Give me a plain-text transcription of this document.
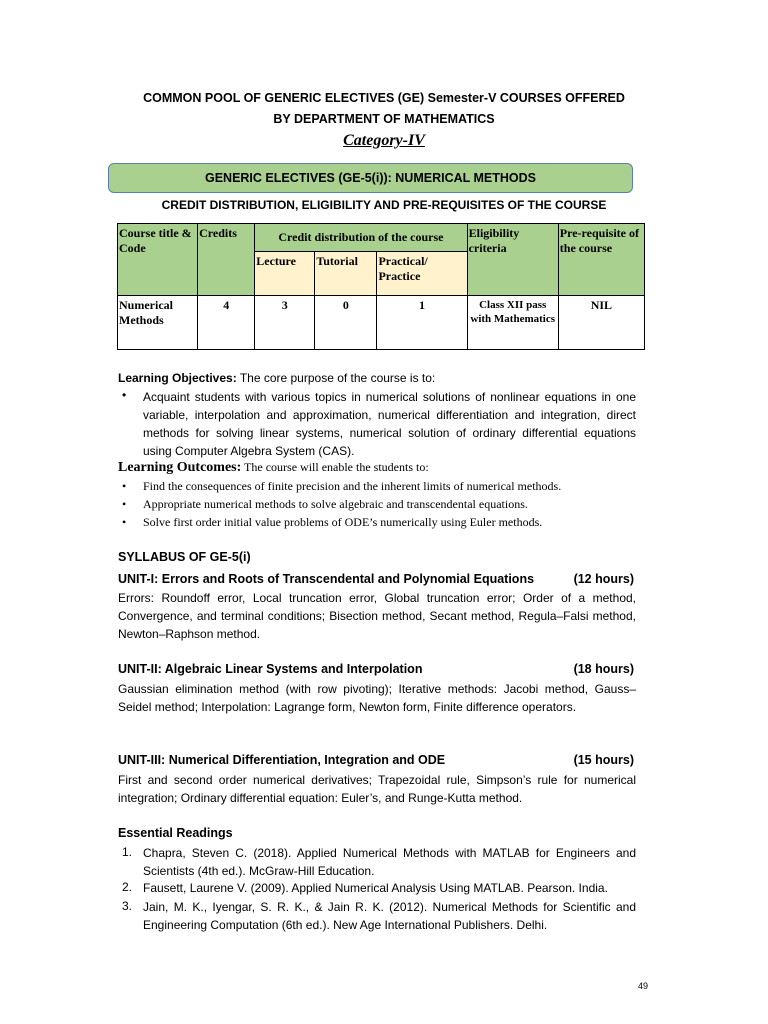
COMMON POOL OF GENERIC ELECTIVES (GE) Semester-V COURSES OFFERED
BY DEPARTMENT OF MATHEMATICS
Category-IV
GENERIC ELECTIVES (GE-5(i)): NUMERICAL METHODS
CREDIT DISTRIBUTION, ELIGIBILITY AND PRE-REQUISITES OF THE COURSE
Course title & Code	Credits	Credit distribution of the course			Eligibility criteria	Pre-requisite of the course
		Lecture	Tutorial	Practical/ Practice		
Numerical Methods	4	3	0	1	Class XII pass with Mathematics	NIL
Learning Objectives: The core purpose of the course is to:
• Acquaint students with various topics in numerical solutions of nonlinear equations in one variable, interpolation and approximation, numerical differentiation and integration, direct methods for solving linear systems, numerical solution of ordinary differential equations using Computer Algebra System (CAS).
Learning Outcomes: The course will enable the students to:
• Find the consequences of finite precision and the inherent limits of numerical methods.
• Appropriate numerical methods to solve algebraic and transcendental equations.
• Solve first order initial value problems of ODE’s numerically using Euler methods.
SYLLABUS OF GE-5(i)
UNIT-I: Errors and Roots of Transcendental and Polynomial Equations	(12 hours)
Errors: Roundoff error, Local truncation error, Global truncation error; Order of a method, Convergence, and terminal conditions; Bisection method, Secant method, Regula–Falsi method, Newton–Raphson method.
UNIT-II: Algebraic Linear Systems and Interpolation	(18 hours)
Gaussian elimination method (with row pivoting); Iterative methods: Jacobi method, Gauss–Seidel method; Interpolation: Lagrange form, Newton form, Finite difference operators.
UNIT-III: Numerical Differentiation, Integration and ODE	(15 hours)
First and second order numerical derivatives; Trapezoidal rule, Simpson’s rule for numerical integration; Ordinary differential equation: Euler’s, and Runge-Kutta method.
Essential Readings
1. Chapra, Steven C. (2018). Applied Numerical Methods with MATLAB for Engineers and Scientists (4th ed.). McGraw-Hill Education.
2. Fausett, Laurene V. (2009). Applied Numerical Analysis Using MATLAB. Pearson. India.
3. Jain, M. K., Iyengar, S. R. K., & Jain R. K. (2012). Numerical Methods for Scientific and Engineering Computation (6th ed.). New Age International Publishers. Delhi.
49
